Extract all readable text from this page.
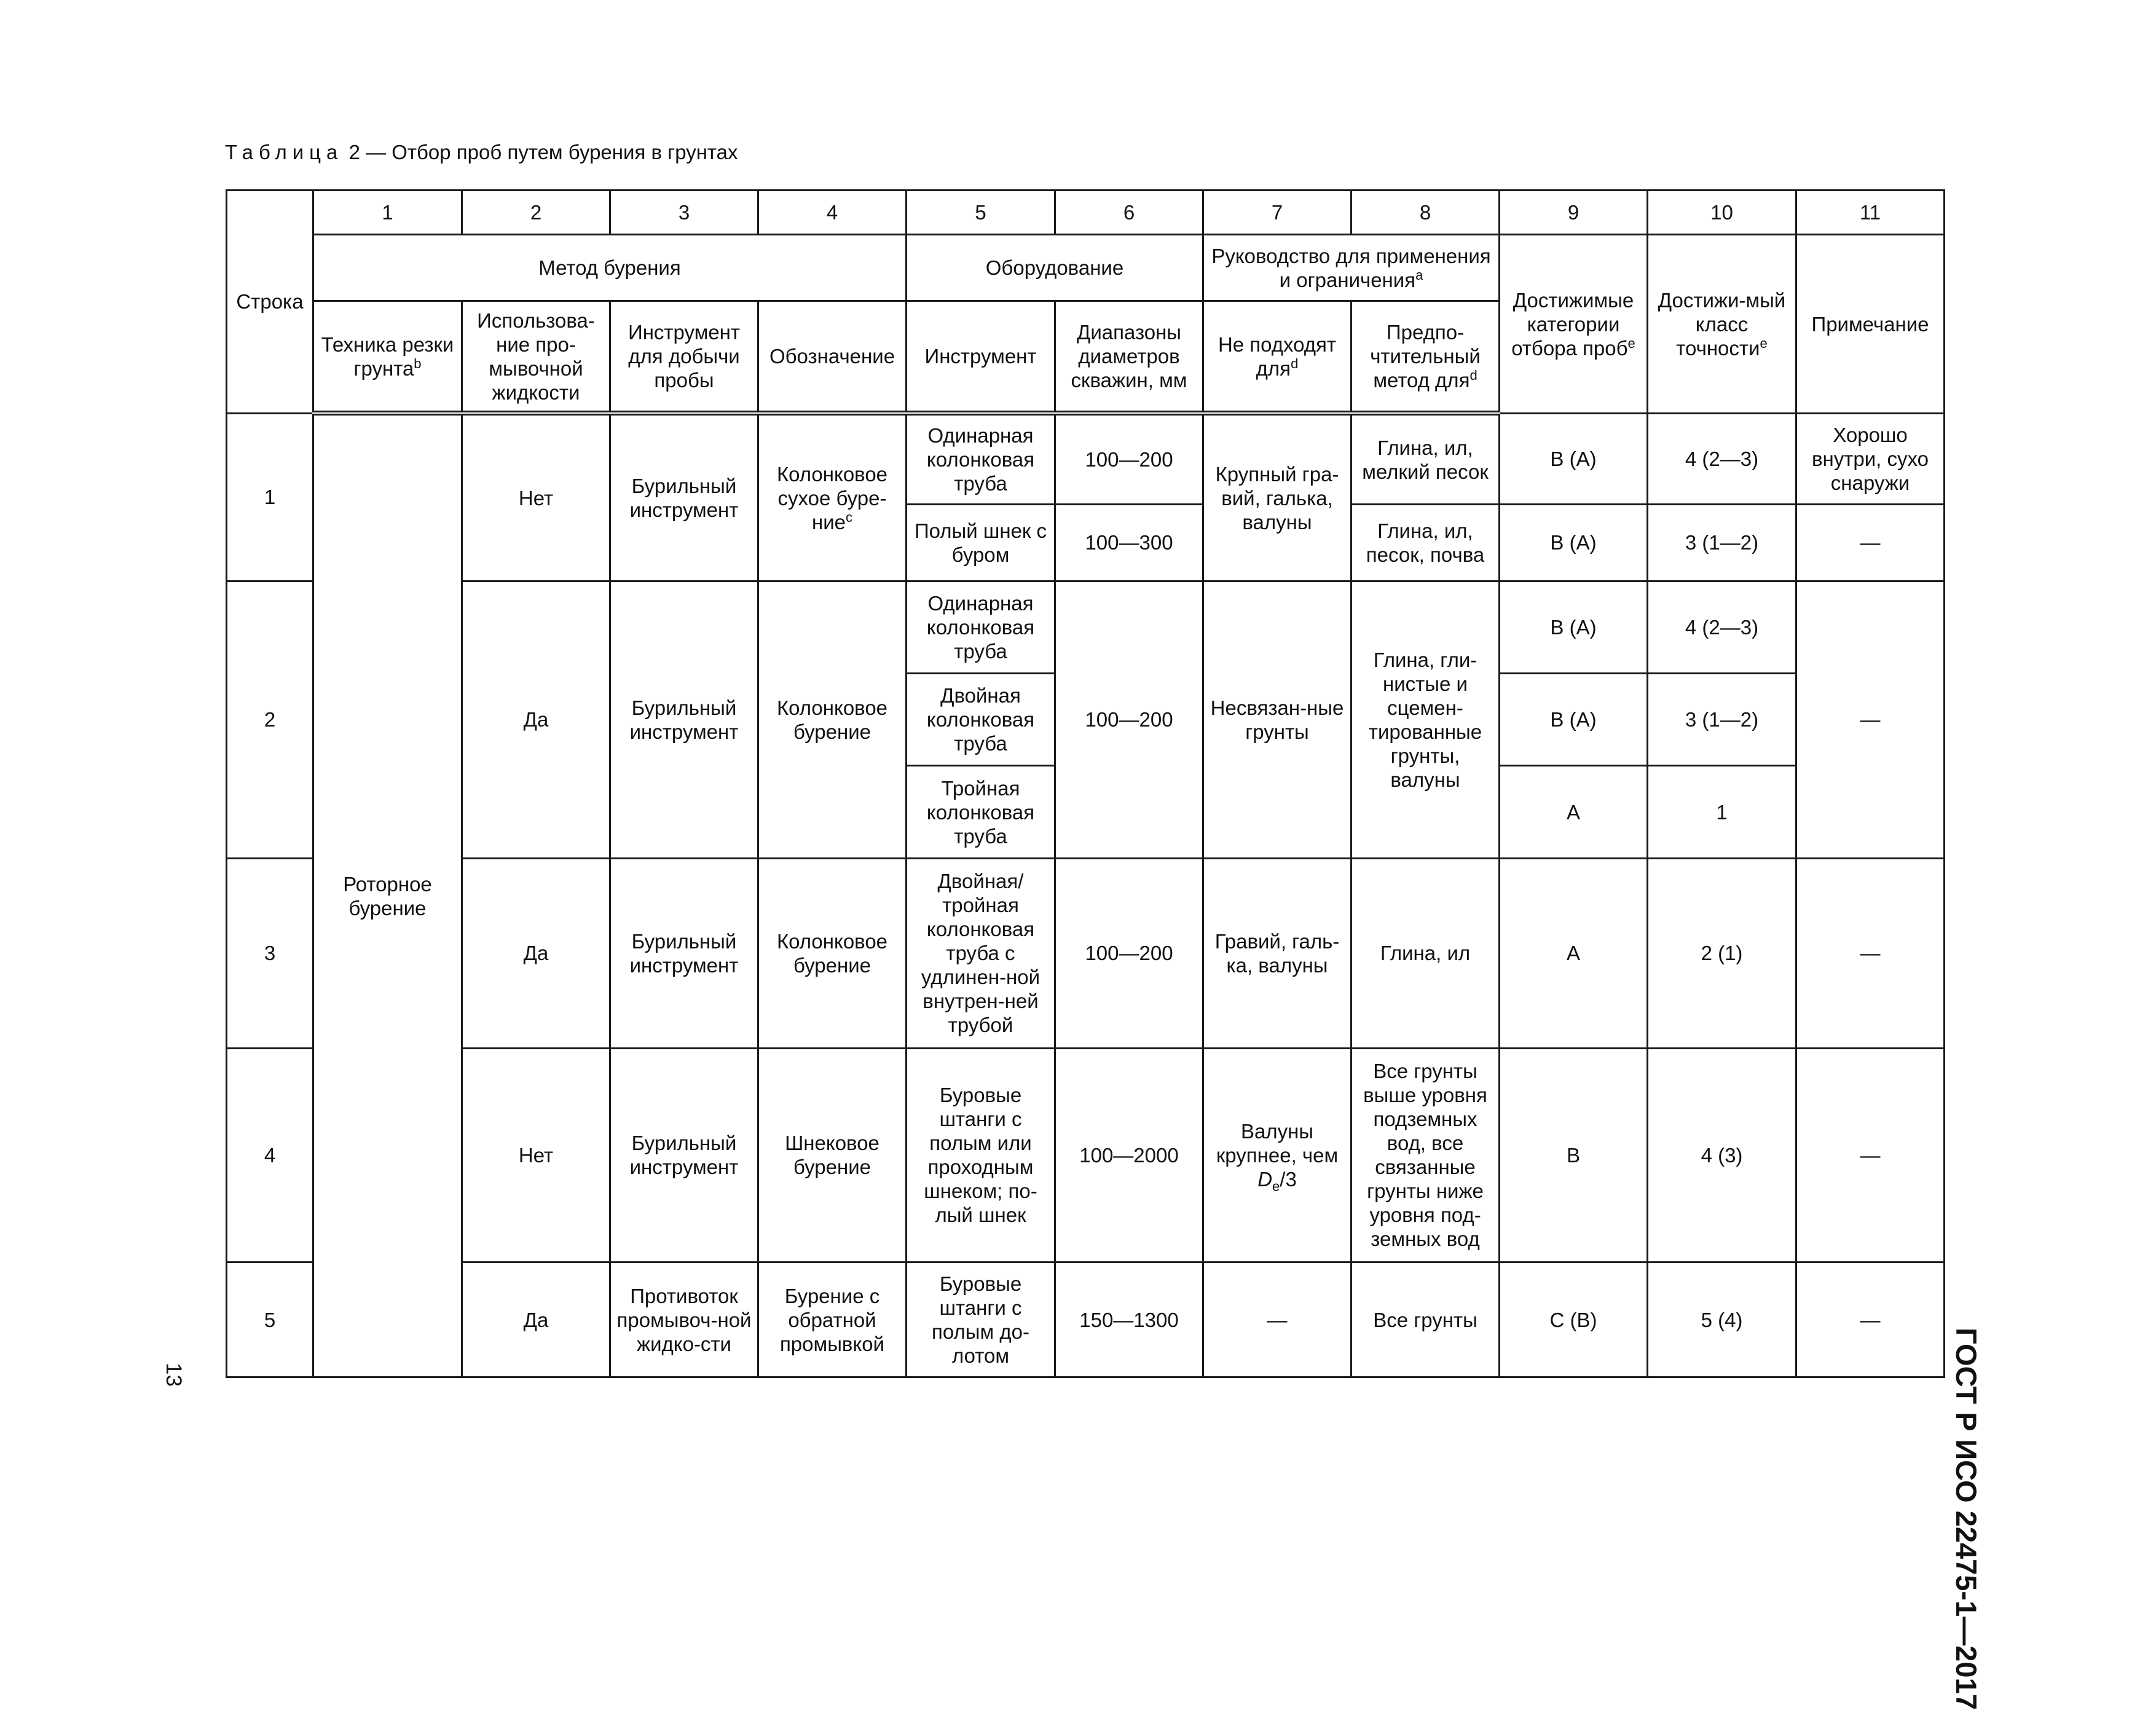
Таблица 2 — Отбор проб путем бурения в грунтах
Строка	1	2	3	4	5	6	7	8	9	10	11
	Метод бурения				Оборудование		Руководство для применения и ограничения$^a$		Достижимые категории отбора проб$^e$	Достижи-мый класс точности$^e$	Примечание
	Техника резки грунта$^b$	Использова-ние про-мывочной жидкости	Инструмент для добычи пробы	Обозначение	Инструмент	Диапазоны диаметров скважин, мм	Не подходят для$^d$	Предпо-чтительный метод для$^d$
1	Роторное бурение	Нет	Бурильный инструмент	Колонковое сухое буре-ние$^c$	Одинарная колонковая труба	100—200	Крупный гра-вий, галька, валуны	Глина, ил, мелкий песок	B (A)	4 (2—3)	Хорошо внутри, сухо снаружи
					Полый шнек с буром	100—300		Глина, ил, песок, почва	B (A)	3 (1—2)	—
2		Да	Бурильный инструмент	Колонковое бурение	Одинарная колонковая труба	100—200	Несвязан-ные грунты	Глина, гли-нистые и сцемен-тированные грунты, валуны	B (A)	4 (2—3)	—
					Двойная колонковая труба				B (A)	3 (1—2)	
					Тройная колонковая труба				A	1	
3		Да	Бурильный инструмент	Колонковое бурение	Двойная/ тройная колонковая труба с удлинен-ной внутрен-ней трубой	100—200	Гравий, галь-ка, валуны	Глина, ил	A	2 (1)	—
4		Нет	Бурильный инструмент	Шнековое бурение	Буровые штанги с полым или проходным шнеком; по-лый шнек	100—2000	Валуны крупнее, чем $D_e/3$	Все грунты выше уровня подземных вод, все связанные грунты ниже уровня под-земных вод	B	4 (3)	—
5		Да	Противоток промывоч-ной жидко-сти	Бурение с обратной промывкой	Буровые штанги с полым до-лотом	150—1300	—	Все грунты	C (B)	5 (4)	—
ГОСТ Р ИСО 22475-1—2017
13
